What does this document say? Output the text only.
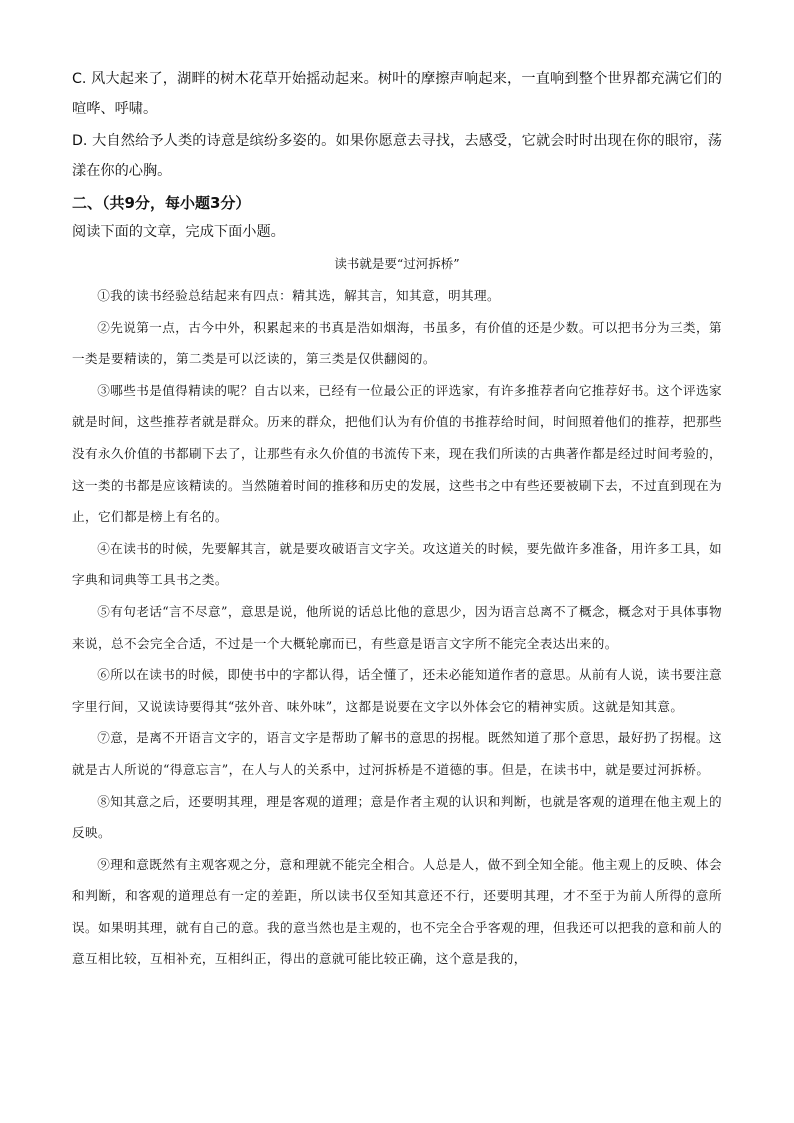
C. 风大起来了，湖畔的树木花草开始摇动起来。树叶的摩擦声响起来，一直响到整个世界都充满它们的喧哗、呼啸。

D. 大自然给予人类的诗意是缤纷多姿的。如果你愿意去寻找，去感受，它就会时时出现在你的眼帘，荡漾在你的心胸。

二、（共9分，每小题3分）

阅读下面的文章，完成下面小题。

读书就是要“过河拆桥”

①我的读书经验总结起来有四点：精其选，解其言，知其意，明其理。

②先说第一点，古今中外，积累起来的书真是浩如烟海，书虽多，有价值的还是少数。可以把书分为三类，第一类是要精读的，第二类是可以泛读的，第三类是仅供翻阅的。

③哪些书是值得精读的呢？自古以来，已经有一位最公正的评选家，有许多推荐者向它推荐好书。这个评选家就是时间，这些推荐者就是群众。历来的群众，把他们认为有价值的书推荐给时间，时间照着他们的推荐，把那些没有永久价值的书都刷下去了，让那些有永久价值的书流传下来，现在我们所读的古典著作都是经过时间考验的，这一类的书都是应该精读的。当然随着时间的推移和历史的发展，这些书之中有些还要被刷下去，不过直到现在为止，它们都是榜上有名的。

④在读书的时候，先要解其言，就是要攻破语言文字关。攻这道关的时候，要先做许多准备，用许多工具，如字典和词典等工具书之类。

⑤有句老话“言不尽意”，意思是说，他所说的话总比他的意思少，因为语言总离不了概念，概念对于具体事物来说，总不会完全合适，不过是一个大概轮廓而已，有些意是语言文字所不能完全表达出来的。

⑥所以在读书的时候，即使书中的字都认得，话全懂了，还未必能知道作者的意思。从前有人说，读书要注意字里行间，又说读诗要得其“弦外音、味外味”，这都是说要在文字以外体会它的精神实质。这就是知其意。

⑦意，是离不开语言文字的，语言文字是帮助了解书的意思的拐棍。既然知道了那个意思，最好扔了拐棍。这就是古人所说的“得意忘言”，在人与人的关系中，过河拆桥是不道德的事。但是，在读书中，就是要过河拆桥。

⑧知其意之后，还要明其理，理是客观的道理；意是作者主观的认识和判断，也就是客观的道理在他主观上的反映。

⑨理和意既然有主观客观之分，意和理就不能完全相合。人总是人，做不到全知全能。他主观上的反映、体会和判断，和客观的道理总有一定的差距，所以读书仅至知其意还不行，还要明其理，才不至于为前人所得的意所误。如果明其理，就有自己的意。我的意当然也是主观的，也不完全合乎客观的理，但我还可以把我的意和前人的意互相比较，互相补充，互相纠正，得出的意就可能比较正确，这个意是我的，
